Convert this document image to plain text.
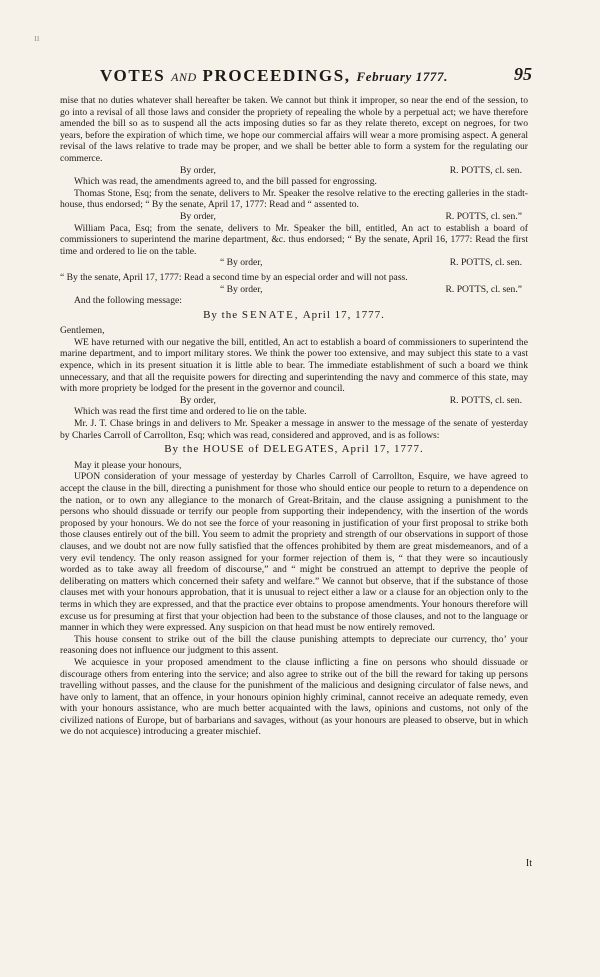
ıı
VOTES AND PROCEEDINGS, February 1777.	95

mise that no duties whatever shall hereafter be taken. We cannot but think it improper, so near the end of the session, to go into a revisal of all those laws and consider the propriety of repealing the whole by a perpetual act; we have therefore amended the bill so as to suspend all the acts imposing duties so far as they relate thereto, except on negroes, for two years, before the expiration of which time, we hope our commercial affairs will wear a more promising aspect. A general revisal of the laws relative to trade may be proper, and we shall be better able to form a system for the regulating our commerce.

By order,	R. POTTS, cl. sen.

Which was read, the amendments agreed to, and the bill passed for engrossing.

Thomas Stone, Esq; from the senate, delivers to Mr. Speaker the resolve relative to the erecting galleries in the stadt-house, thus endorsed; “ By the senate, April 17, 1777: Read and “ assented to.

By order,	R. POTTS, cl. sen.”

William Paca, Esq; from the senate, delivers to Mr. Speaker the bill, entitled, An act to establish a board of commissioners to superintend the marine department, &c. thus endorsed; “ By the senate, April 16, 1777: Read the first time and ordered to lie on the table.

“ By order,	R. POTTS, cl. sen.

“ By the senate, April 17, 1777: Read a second time by an especial order and will not pass.

“ By order,	R. POTTS, cl. sen.”

And the following message:

By the SENATE, April 17, 1777.

Gentlemen,

WE have returned with our negative the bill, entitled, An act to establish a board of commissioners to superintend the marine department, and to import military stores. We think the power too extensive, and may subject this state to a vast expence, which in its present situation it is little able to bear. The immediate establishment of such a board we think unnecessary, and that all the requisite powers for directing and superintending the navy and commerce of this state, may with more propriety be lodged for the present in the governor and council.

By order,	R. POTTS, cl. sen.

Which was read the first time and ordered to lie on the table.

Mr. J. T. Chase brings in and delivers to Mr. Speaker a message in answer to the message of the senate of yesterday by Charles Carroll of Carrollton, Esq; which was read, considered and approved, and is as follows:

By the HOUSE of DELEGATES, April 17, 1777.

May it please your honours,

UPON consideration of your message of yesterday by Charles Carroll of Carrollton, Esquire, we have agreed to accept the clause in the bill, directing a punishment for those who should entice our people to return to a dependence on the nation, or to own any allegiance to the monarch of Great-Britain, and the clause assigning a punishment to the persons who should dissuade or terrify our people from supporting their independency, with the insertion of the words proposed by your honours. We do not see the force of your reasoning in justification of your first proposal to strike both those clauses entirely out of the bill. You seem to admit the propriety and strength of our observations in support of those clauses, and we doubt not are now fully satisfied that the offences prohibited by them are great misdemeanors, and of a very evil tendency. The only reason assigned for your former rejection of them is, “ that they were so incautiously worded as to take away all freedom of discourse,” and “ might be construed an attempt to deprive the people of deliberating on matters which concerned their safety and welfare.” We cannot but observe, that if the substance of those clauses met with your honours approbation, that it is unusual to reject either a law or a clause for an objection only to the terms in which they are expressed, and that the practice ever obtains to propose amendments. Your honours therefore will excuse us for presuming at first that your objection had been to the substance of those clauses, and not to the language or manner in which they were expressed. Any suspicion on that head must be now entirely removed.

This house consent to strike out of the bill the clause punishing attempts to depreciate our currency, tho’ your reasoning does not influence our judgment to this assent.

We acquiesce in your proposed amendment to the clause inflicting a fine on persons who should dissuade or discourage others from entering into the service; and also agree to strike out of the bill the reward for taking up persons travelling without passes, and the clause for the punishment of the malicious and designing circulator of false news, and have only to lament, that an offence, in your honours opinion highly criminal, cannot receive an adequate remedy, even with your honours assistance, who are much better acquainted with the laws, opinions and customs, not only of the civilized nations of Europe, but of barbarians and savages, without (as your honours are pleased to observe, but in which we do not acquiesce) introducing a greater mischief.

It
